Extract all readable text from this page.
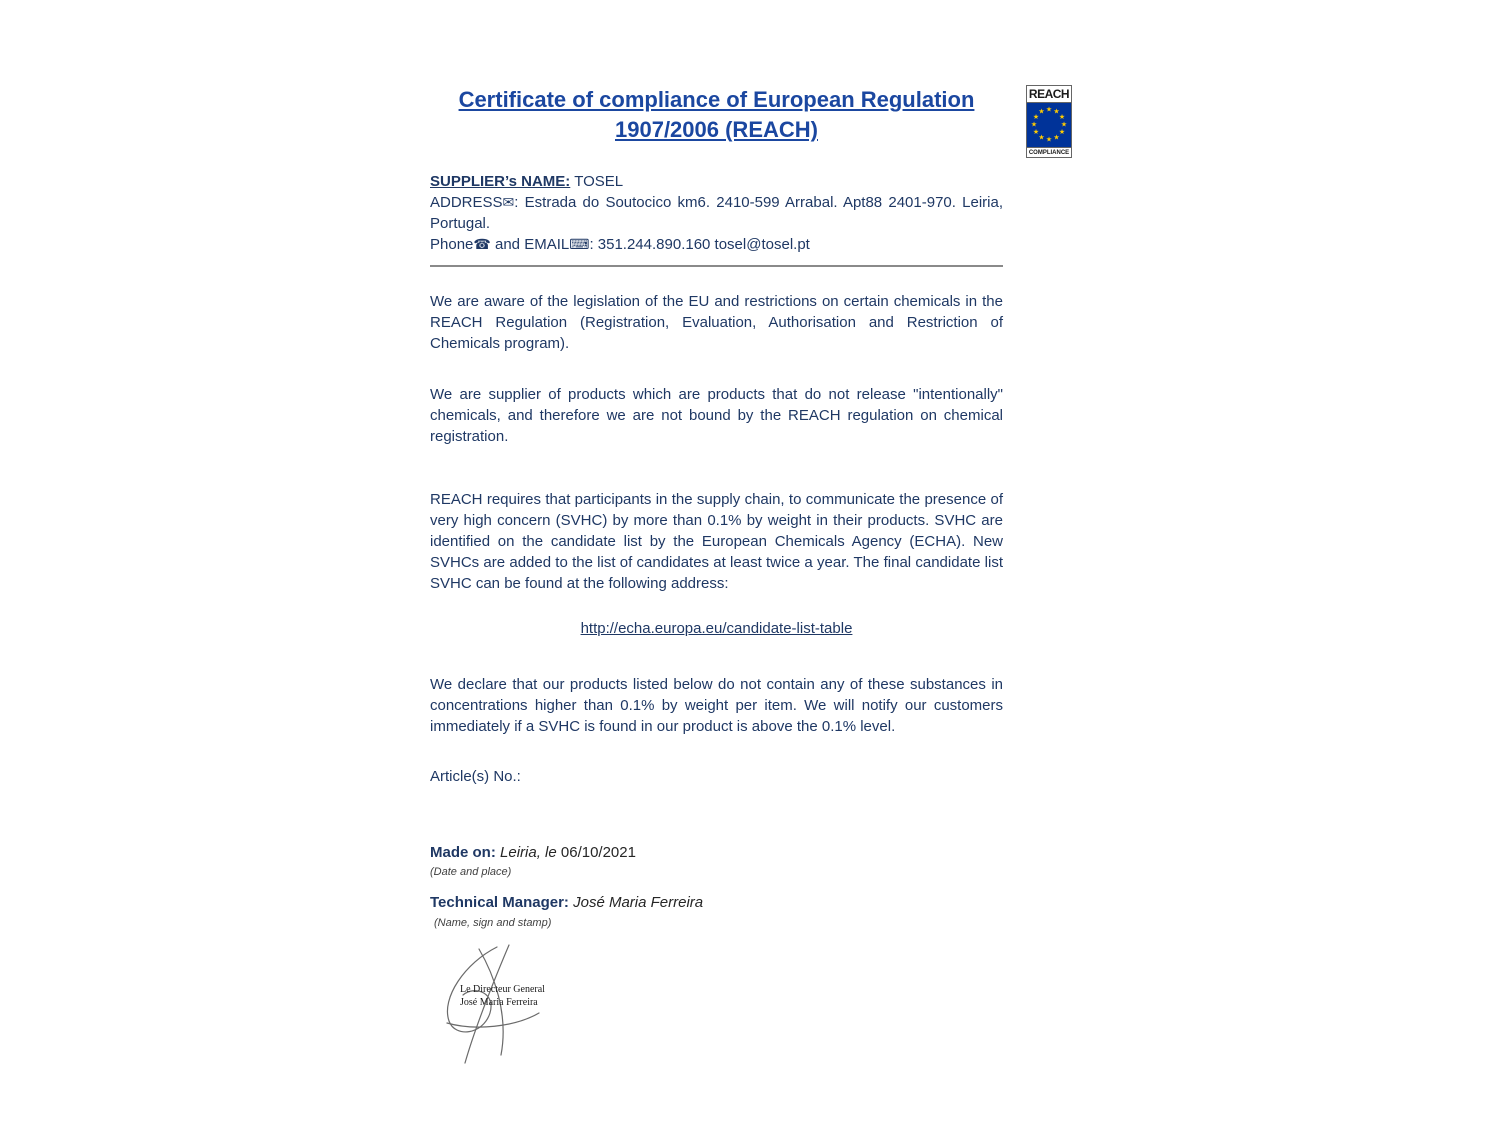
REACH
★ ★
★
★
★
★
★
★
★
★
★
★
COMPLIANCE
Certificate of compliance of European Regulation
1907/2006 (REACH)
SUPPLIER’s NAME: TOSEL
ADDRESS✉: Estrada do Soutocico km6. 2410-599 Arrabal. Apt88 2401-970. Leiria, Portugal.
Phone☎ and EMAIL⌨: 351.244.890.160 tosel@tosel.pt

We are aware of the legislation of the EU and restrictions on certain chemicals in the REACH Regulation (Registration, Evaluation, Authorisation and Restriction of Chemicals program).

We are supplier of products which are products that do not release "intentionally" chemicals, and therefore we are not bound by the REACH regulation on chemical registration.

REACH requires that participants in the supply chain, to communicate the presence of very high concern (SVHC) by more than 0.1% by weight in their products. SVHC are identified on the candidate list by the European Chemicals Agency (ECHA). New SVHCs are added to the list of candidates at least twice a year. The final candidate list SVHC can be found at the following address:

http://echa.europa.eu/candidate-list-table

We declare that our products listed below do not contain any of these substances in concentrations higher than 0.1% by weight per item. We will notify our customers immediately if a SVHC is found in our product is above the 0.1% level.

Article(s) No.:

Made on: Leiria, le 06/10/2021
(Date and place)
Technical Manager: José Maria Ferreira
(Name, sign and stamp)
Le Directeur General
José Maria Ferreira
